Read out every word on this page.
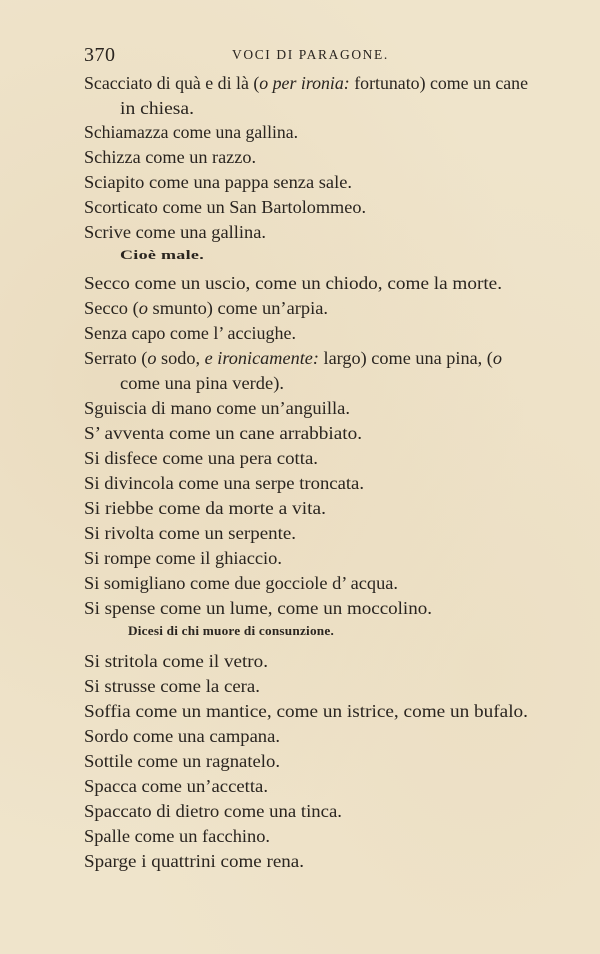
370	VOCI DI PARAGONE.
Scacciato di quà e di là (o per ironia: fortunato) come un cane
in chiesa.
Schiamazza come una gallina.
Schizza come un razzo.
Sciapito come una pappa senza sale.
Scorticato come un San Bartolommeo.
Scrive come una gallina.
Cioè male.
Secco come un uscio, come un chiodo, come la morte.
Secco (o smunto) come un’arpia.
Senza capo come l’ acciughe.
Serrato (o sodo, e ironicamente: largo) come una pina, (o
come una pina verde).
Sguiscia di mano come un’anguilla.
S’ avventa come un cane arrabbiato.
Si disfece come una pera cotta.
Si divincola come una serpe troncata.
Si riebbe come da morte a vita.
Si rivolta come un serpente.
Si rompe come il ghiaccio.
Si somigliano come due gocciole d’ acqua.
Si spense come un lume, come un moccolino.
Dicesi di chi muore di consunzione.
Si stritola come il vetro.
Si strusse come la cera.
Soffia come un mantice, come un istrice, come un bufalo.
Sordo come una campana.
Sottile come un ragnatelo.
Spacca come un’accetta.
Spaccato di dietro come una tinca.
Spalle come un facchino.
Sparge i quattrini come rena.
